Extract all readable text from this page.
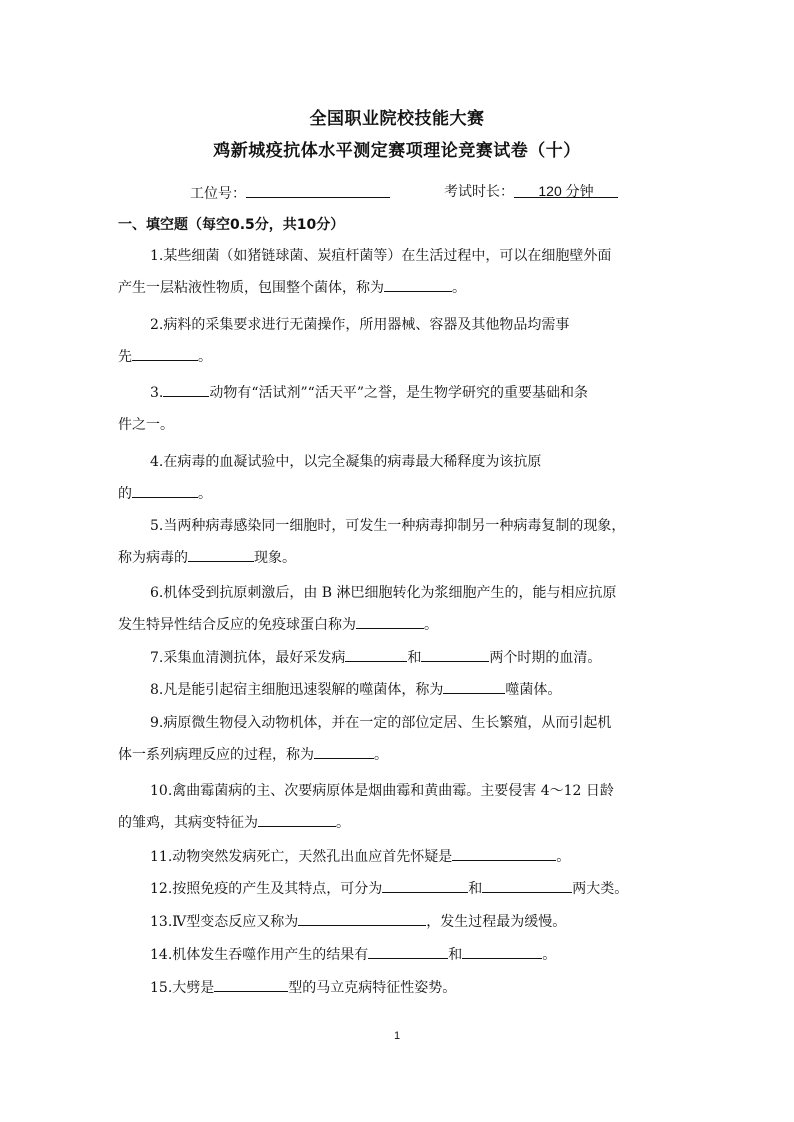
全国职业院校技能大赛
鸡新城疫抗体水平测定赛项理论竞赛试卷（十）
工位号：	考试时长：	120 分钟
一、填空题（每空0.5分，共10分）
1.某些细菌（如猪链球菌、炭疽杆菌等）在生活过程中，可以在细胞壁外面
产生一层粘液性物质，包围整个菌体，称为	。
2.病料的采集要求进行无菌操作，所用器械、容器及其他物品均需事
先	。
3.	动物有“活试剂”“活天平”之誉，是生物学研究的重要基础和条
件之一。
4.在病毒的血凝试验中，以完全凝集的病毒最大稀释度为该抗原
的	。
5.当两种病毒感染同一细胞时，可发生一种病毒抑制另一种病毒复制的现象，
称为病毒的	现象。
6.机体受到抗原刺激后，由 B 淋巴细胞转化为浆细胞产生的，能与相应抗原
发生特异性结合反应的免疫球蛋白称为	。
7.采集血清测抗体，最好采发病	和	两个时期的血清。
8.凡是能引起宿主细胞迅速裂解的噬菌体，称为	噬菌体。
9.病原微生物侵入动物机体，并在一定的部位定居、生长繁殖，从而引起机
体一系列病理反应的过程，称为	。
10.禽曲霉菌病的主、次要病原体是烟曲霉和黄曲霉。主要侵害 4～12 日龄
的雏鸡，其病变特征为	。
11.动物突然发病死亡，天然孔出血应首先怀疑是	。
12.按照免疫的产生及其特点，可分为	和	两大类。
13.Ⅳ型变态反应又称为	，发生过程最为缓慢。
14.机体发生吞噬作用产生的结果有	和	。
15.大劈是	型的马立克病特征性姿势。
1
